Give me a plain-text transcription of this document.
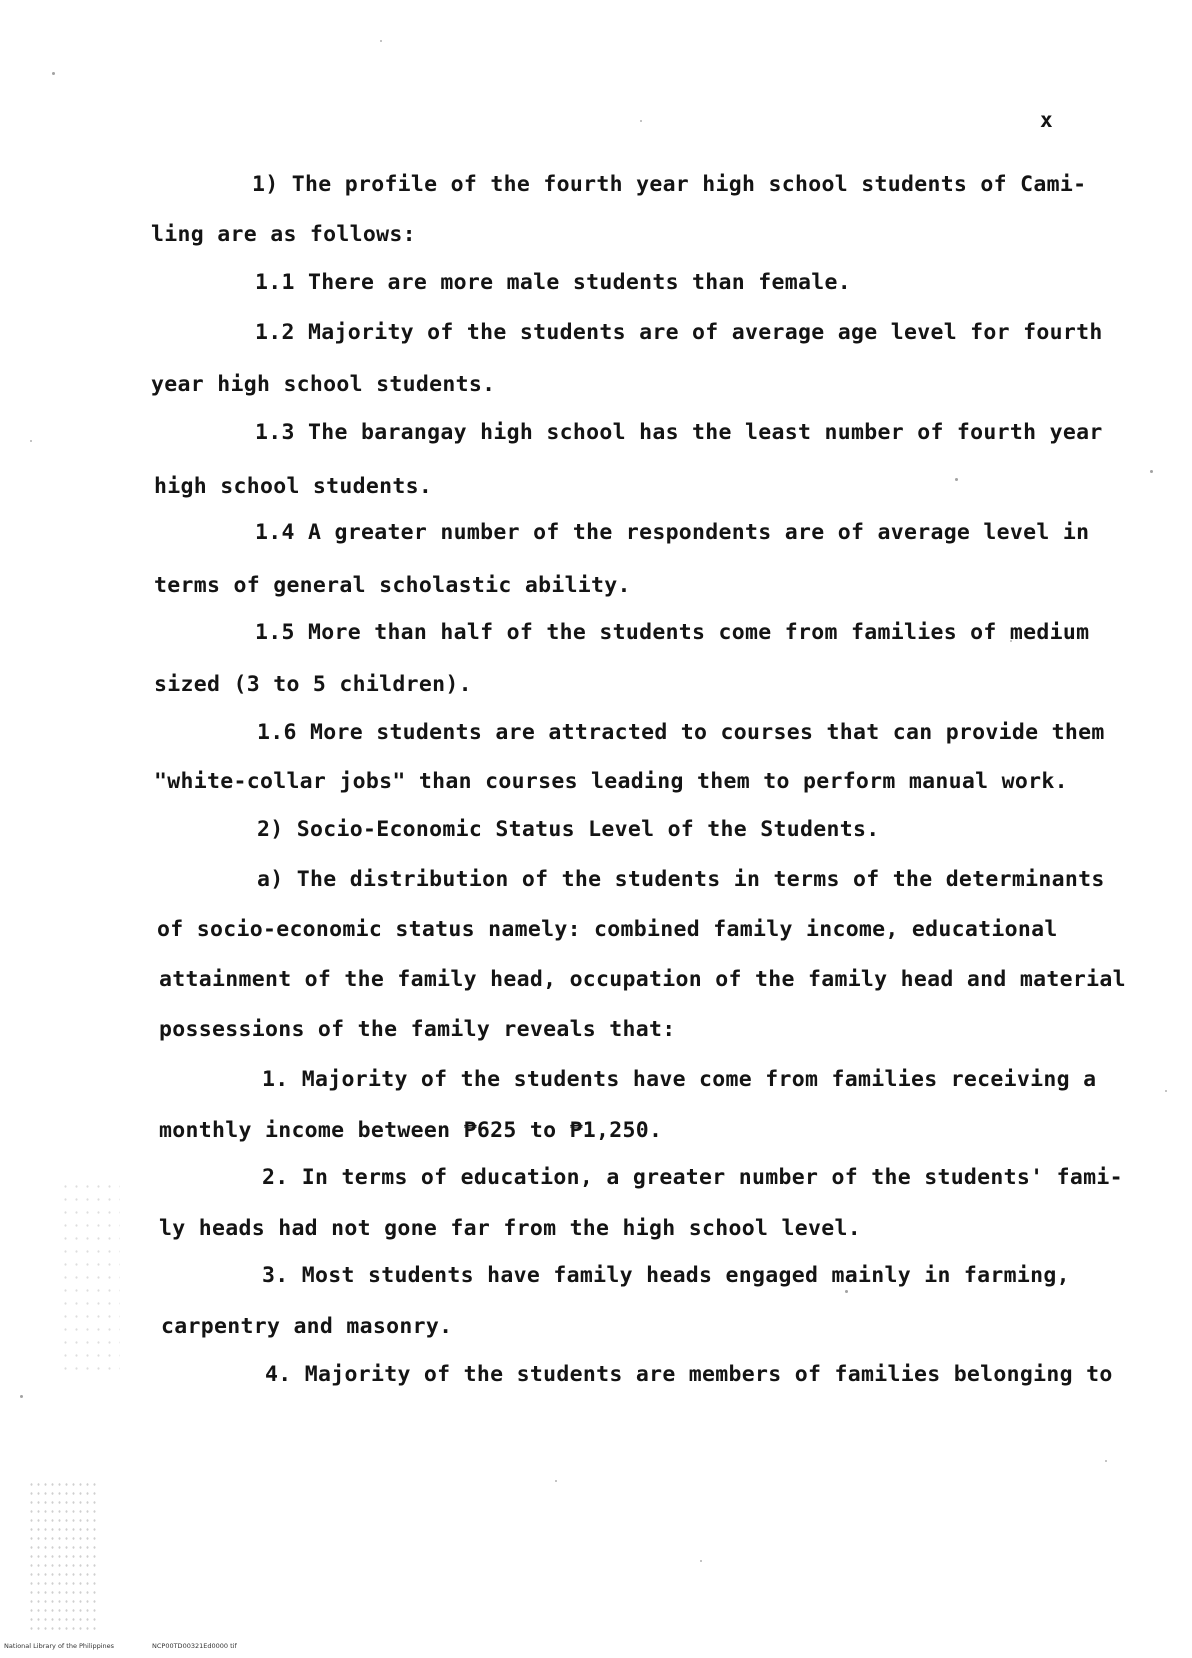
x
1) The profile of the fourth year high school students of Cami-
ling are as follows:
1.1 There are more male students than female.
1.2 Majority of the students are of average age level for fourth
year high school students.
1.3 The barangay high school has the least number of fourth year
high school students.
1.4 A greater number of the respondents are of average level in
terms of general scholastic ability.
1.5 More than half of the students come from families of medium
sized (3 to 5 children).
1.6 More students are attracted to courses that can provide them
"white-collar jobs" than courses leading them to perform manual work.
2) Socio-Economic Status Level of the Students.
a) The distribution of the students in terms of the determinants
of socio-economic status namely: combined family income, educational
attainment of the family head, occupation of the family head and material
possessions of the family reveals that:
1. Majority of the students have come from families receiving a
monthly income between ₱625 to ₱1,250.
2. In terms of education, a greater number of the students' fami-
ly heads had not gone far from the high school level.
3. Most students have family heads engaged mainly in farming,
carpentry and masonry.
4. Majority of the students are members of families belonging to
National Library of the Philippines	NCP00TD00321Ed0000 tif
